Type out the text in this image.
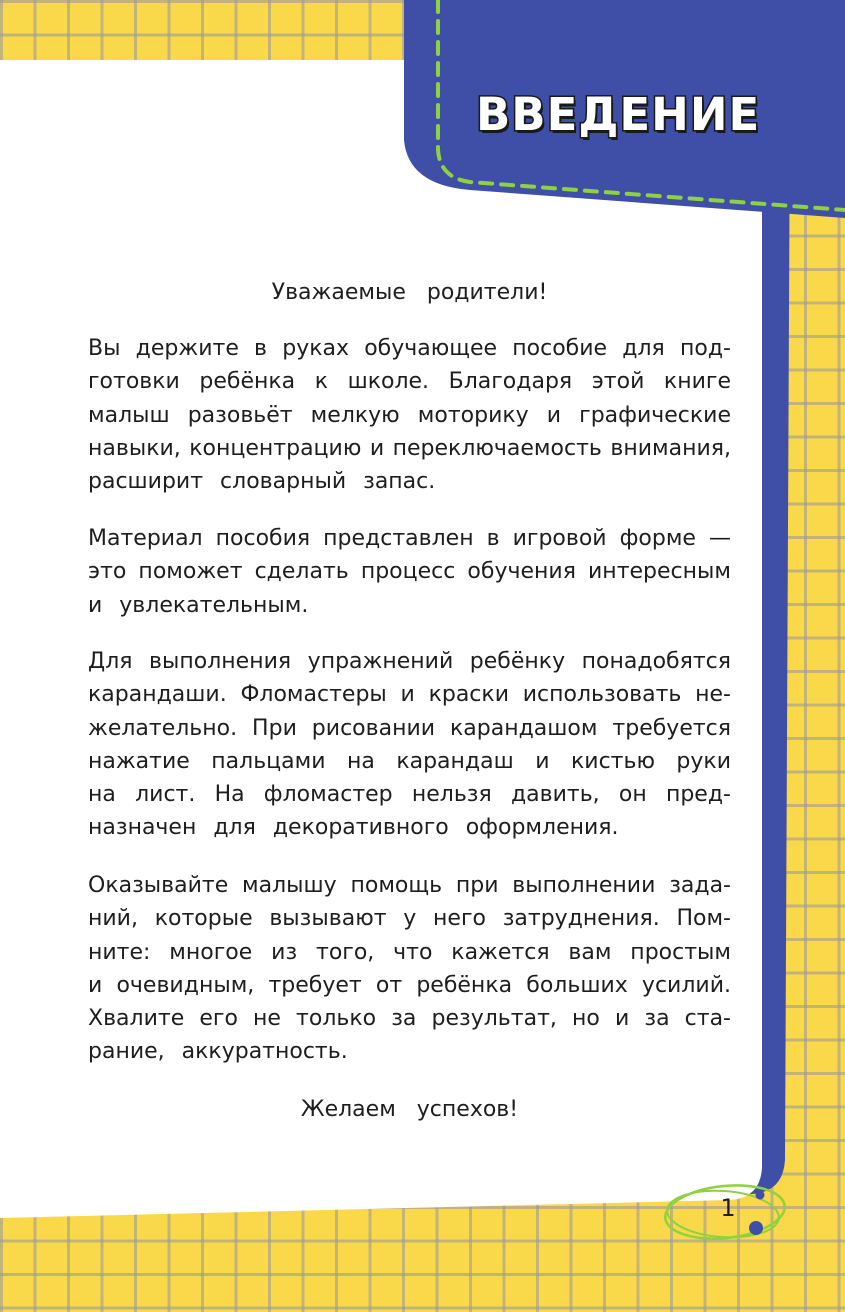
ВВЕДЕНИЕ

Уважаемые родители!

Вы держите в руках обучающее пособие для под-
готовки ребёнка к школе. Благодаря этой книге
малыш разовьёт мелкую моторику и графические
навыки, концентрацию и переключаемость внимания,
расширит словарный запас.
Материал пособия представлен в игровой форме —
это поможет сделать процесс обучения интересным
и увлекательным.
Для выполнения упражнений ребёнку понадобятся
карандаши. Фломастеры и краски использовать не-
желательно. При рисовании карандашом требуется
нажатие пальцами на карандаш и кистью руки
на лист. На фломастер нельзя давить, он пред-
назначен для декоративного оформления.
Оказывайте малышу помощь при выполнении зада-
ний, которые вызывают у него затруднения. Пом-
ните: многое из того, что кажется вам простым
и очевидным, требует от ребёнка больших усилий.
Хвалите его не только за результат, но и за ста-
рание, аккуратность.

Желаем успехов!

1
